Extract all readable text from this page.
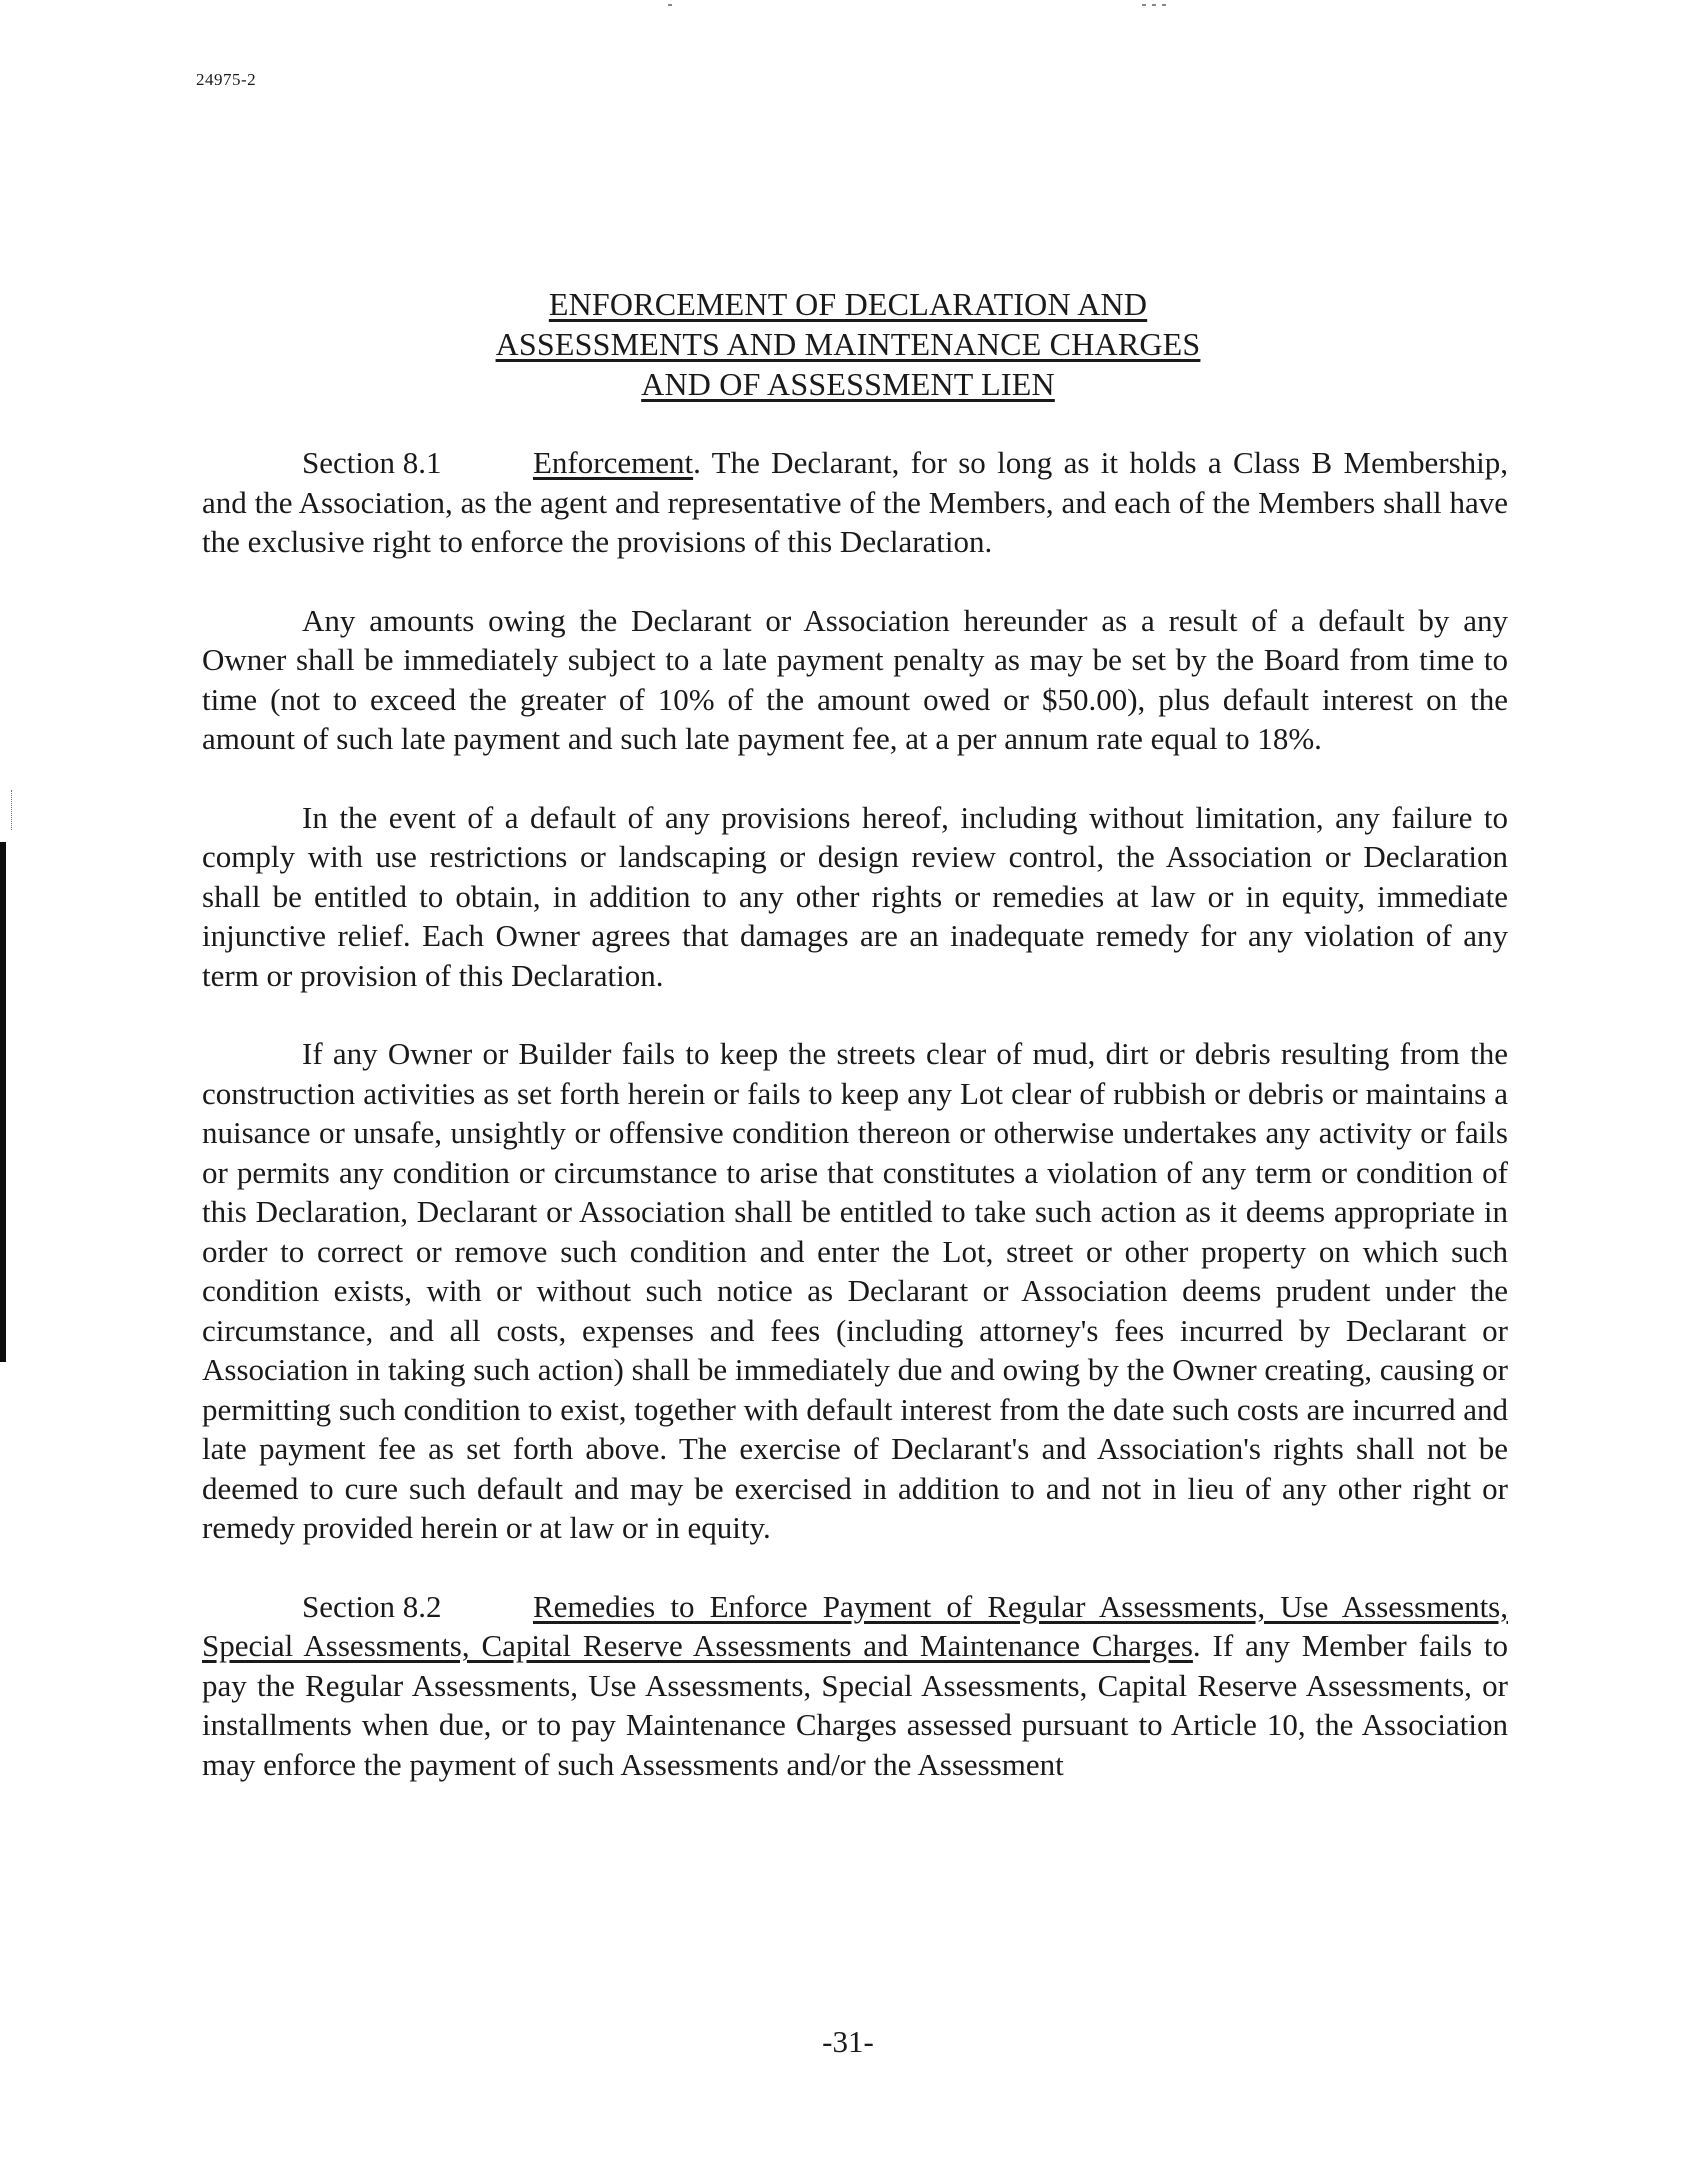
24975-2
ENFORCEMENT OF DECLARATION AND
ASSESSMENTS AND MAINTENANCE CHARGES
AND OF ASSESSMENT LIEN

Section 8.1	Enforcement. The Declarant, for so long as it holds a Class B Membership, and the Association, as the agent and representative of the Members, and each of the Members shall have the exclusive right to enforce the provisions of this Declaration.

Any amounts owing the Declarant or Association hereunder as a result of a default by any Owner shall be immediately subject to a late payment penalty as may be set by the Board from time to time (not to exceed the greater of 10% of the amount owed or $50.00), plus default interest on the amount of such late payment and such late payment fee, at a per annum rate equal to 18%.

In the event of a default of any provisions hereof, including without limitation, any failure to comply with use restrictions or landscaping or design review control, the Association or Declaration shall be entitled to obtain, in addition to any other rights or remedies at law or in equity, immediate injunctive relief. Each Owner agrees that damages are an inadequate remedy for any violation of any term or provision of this Declaration.

If any Owner or Builder fails to keep the streets clear of mud, dirt or debris resulting from the construction activities as set forth herein or fails to keep any Lot clear of rubbish or debris or maintains a nuisance or unsafe, unsightly or offensive condition thereon or otherwise undertakes any activity or fails or permits any condition or circumstance to arise that constitutes a violation of any term or condition of this Declaration, Declarant or Association shall be entitled to take such action as it deems appropriate in order to correct or remove such condition and enter the Lot, street or other property on which such condition exists, with or without such notice as Declarant or Association deems prudent under the circumstance, and all costs, expenses and fees (including attorney's fees incurred by Declarant or Association in taking such action) shall be immediately due and owing by the Owner creating, causing or permitting such condition to exist, together with default interest from the date such costs are incurred and late payment fee as set forth above. The exercise of Declarant's and Association's rights shall not be deemed to cure such default and may be exercised in addition to and not in lieu of any other right or remedy provided herein or at law or in equity.

Section 8.2	Remedies to Enforce Payment of Regular Assessments, Use Assessments, Special Assessments, Capital Reserve Assessments and Maintenance Charges. If any Member fails to pay the Regular Assessments, Use Assessments, Special Assessments, Capital Reserve Assessments, or installments when due, or to pay Maintenance Charges assessed pursuant to Article 10, the Association may enforce the payment of such Assessments and/or the Assessment

-31-
